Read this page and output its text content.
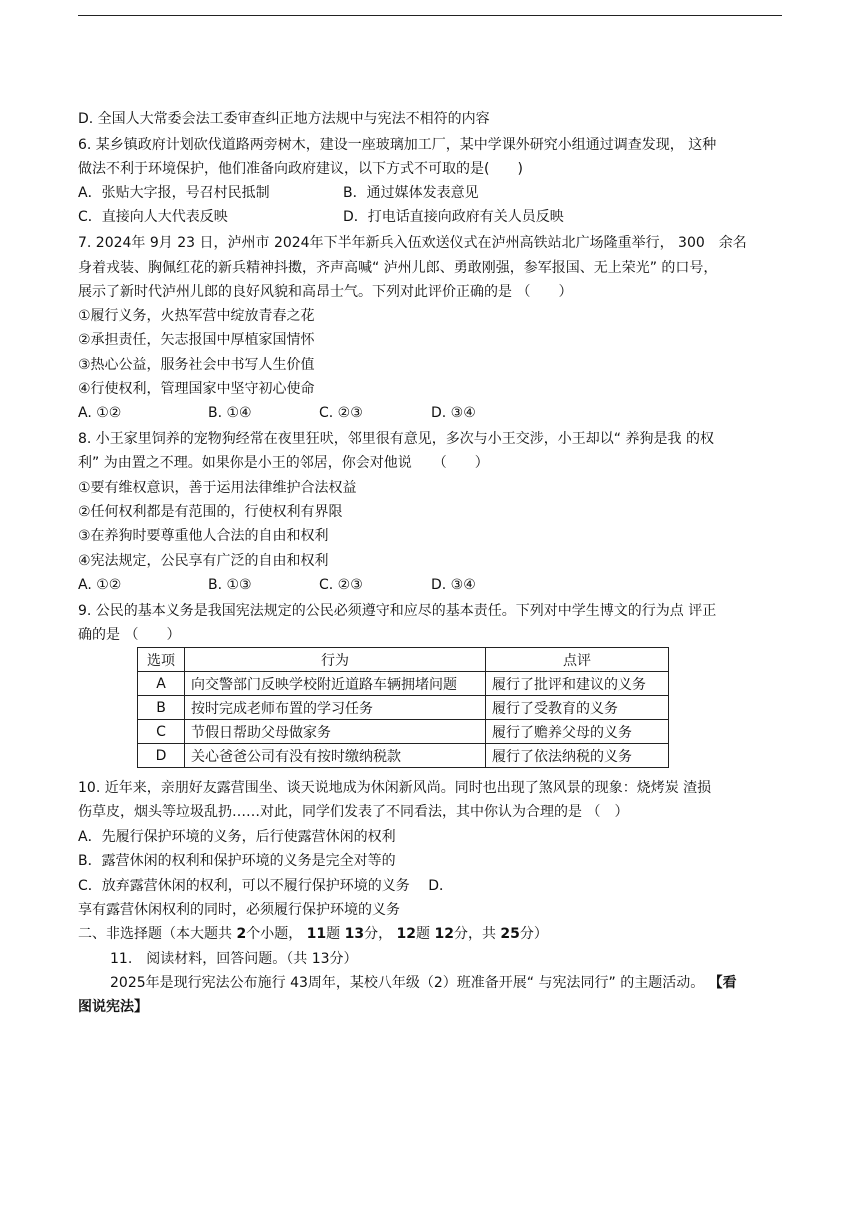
D. 全国人大常委会法工委审查纠正地方法规中与宪法不相符的内容
6. 某乡镇政府计划砍伐道路两旁树木，建设一座玻璃加工厂，某中学课外研究小组通过调查发现， 这种
做法不利于环境保护，他们准备向政府建议，以下方式不可取的是(　　)

A．张贴大字报，号召村民抵制

	B．通过媒体发表意见

C．直接向人大代表反映

	D．打电话直接向政府有关人员反映

7. 2024年 9月 23 日，泸州市 2024年下半年新兵入伍欢送仪式在泸州高铁站北广场隆重举行， 300　余名
身着戎装、胸佩红花的新兵精神抖擞，齐声高喊“ 泸州儿郎、勇敢刚强，参军报国、无上荣光” 的口号，
展示了新时代泸州儿郎的良好风貌和高昂士气。下列对此评价正确的是 （　　）
①履行义务，火热军营中绽放青春之花
②承担责任，矢志报国中厚植家国情怀
③热心公益，服务社会中书写人生价值
④行使权利，管理国家中坚守初心使命

A. ①②

	B. ①④

	C. ②③

	D. ③④

8. 小王家里饲养的宠物狗经常在夜里狂吠，邻里很有意见，多次与小王交涉，小王却以“ 养狗是我 的权
利” 为由置之不理。如果你是小王的邻居，你会对他说　　（　　）
①要有维权意识，善于运用法律维护合法权益
②任何权利都是有范围的，行使权利有界限
③在养狗时要尊重他人合法的自由和权利
④宪法规定，公民享有广泛的自由和权利

A. ①②

	B. ①③

	C. ②③

	D. ③④

9. 公民的基本义务是我国宪法规定的公民必须遵守和应尽的基本责任。下列对中学生博文的行为点 评正
确的是 （　　）
选项	行为	点评
A	向交警部门反映学校附近道路车辆拥堵问题	履行了批评和建议的义务
B	按时完成老师布置的学习任务	履行了受教育的义务
C	节假日帮助父母做家务	履行了赡养父母的义务
D	关心爸爸公司有没有按时缴纳税款	履行了依法纳税的义务
10. 近年来，亲朋好友露营围坐、谈天说地成为休闲新风尚。同时也出现了煞风景的现象：烧烤炭 渣损
伤草皮，烟头等垃圾乱扔……对此，同学们发表了不同看法，其中你认为合理的是 （　）
A．先履行保护环境的义务，后行使露营休闲的权利
B．露营休闲的权利和保护环境的义务是完全对等的
C．放弃露营休闲的权利，可以不履行保护环境的义务　 D．
享有露营休闲权利的同时，必须履行保护环境的义务
二、非选择题（本大题共 2个小题， 11题 13分， 12题 12分，共 25分）
11.　阅读材料，回答问题。（共 13分）
2025年是现行宪法公布施行 43周年，某校八年级（2）班准备开展“ 与宪法同行” 的主题活动。 【看
图说宪法】
